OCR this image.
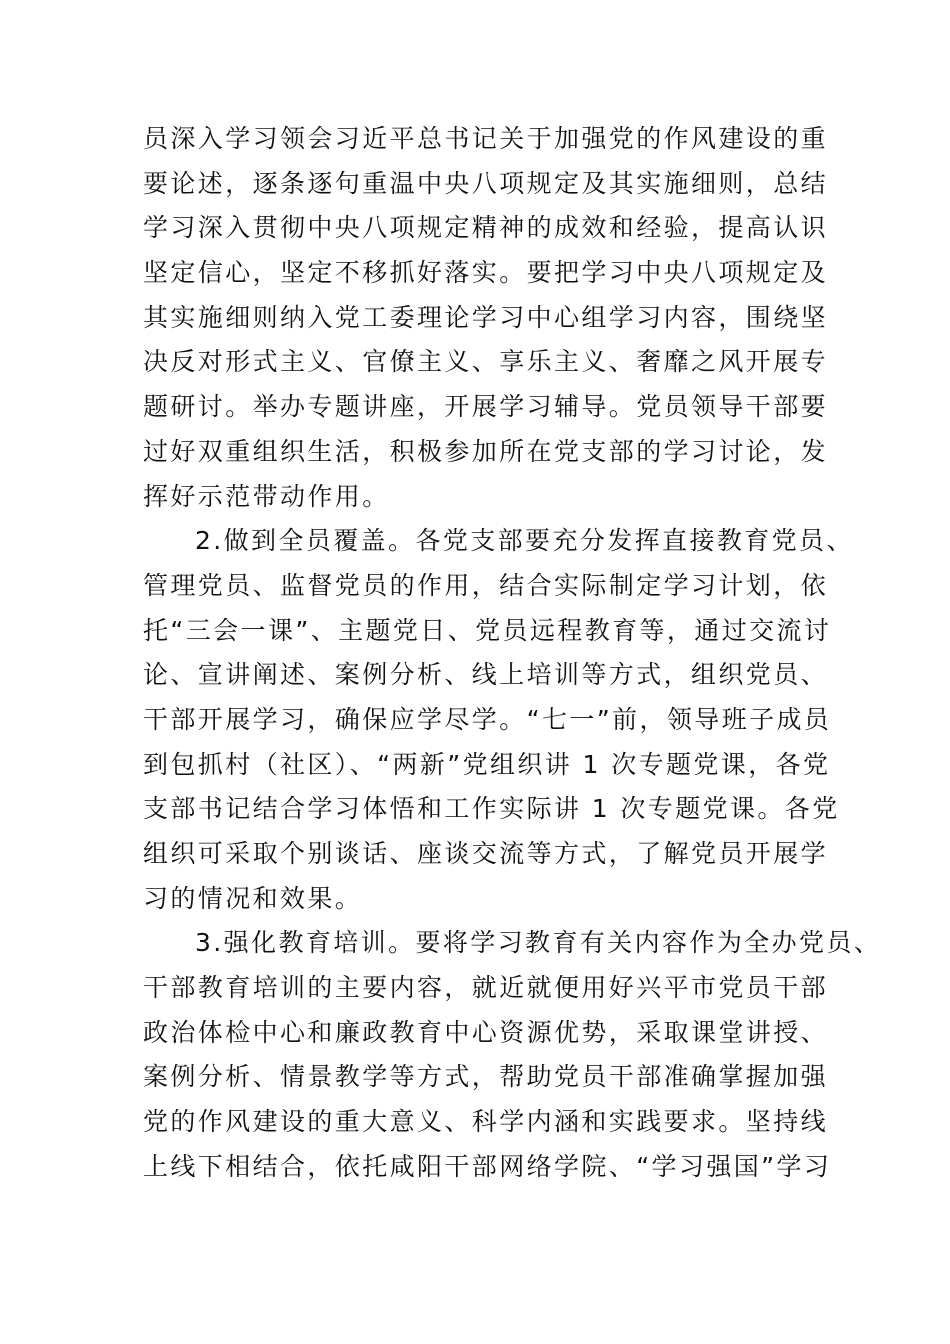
员深入学习领会习近平总书记关于加强党的作风建设的重
要论述，逐条逐句重温中央八项规定及其实施细则，总结
学习深入贯彻中央八项规定精神的成效和经验，提高认识
坚定信心，坚定不移抓好落实。要把学习中央八项规定及
其实施细则纳入党工委理论学习中心组学习内容，围绕坚
决反对形式主义、官僚主义、享乐主义、奢靡之风开展专
题研讨。举办专题讲座，开展学习辅导。党员领导干部要
过好双重组织生活，积极参加所在党支部的学习讨论，发
挥好示范带动作用。
2.做到全员覆盖。各党支部要充分发挥直接教育党员、
管理党员、监督党员的作用，结合实际制定学习计划，依
托“三会一课”、主题党日、党员远程教育等，通过交流讨
论、宣讲阐述、案例分析、线上培训等方式，组织党员、
干部开展学习，确保应学尽学。“七一”前，领导班子成员
到包抓村（社区）、“两新”党组织讲 1 次专题党课，各党
支部书记结合学习体悟和工作实际讲 1 次专题党课。各党
组织可采取个别谈话、座谈交流等方式，了解党员开展学
习的情况和效果。
3.强化教育培训。要将学习教育有关内容作为全办党员、
干部教育培训的主要内容，就近就便用好兴平市党员干部
政治体检中心和廉政教育中心资源优势，采取课堂讲授、
案例分析、情景教学等方式，帮助党员干部准确掌握加强
党的作风建设的重大意义、科学内涵和实践要求。坚持线
上线下相结合，依托咸阳干部网络学院、“学习强国”学习
